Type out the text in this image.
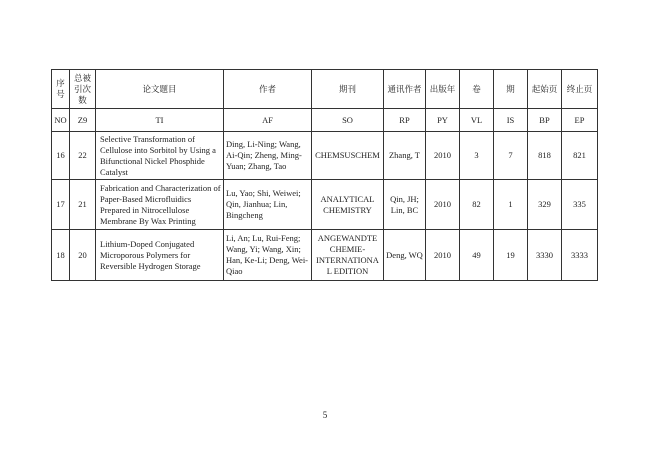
序号	总被引次数	论文题目	作者	期刊	通讯作者	出版年	卷	期	起始页	终止页
NO	Z9	TI	AF	SO	RP	PY	VL	IS	BP	EP
16	22	Selective Transformation of Cellulose into Sorbitol by Using a Bifunctional Nickel Phosphide Catalyst	Ding, Li-Ning; Wang, Ai-Qin; Zheng, Ming-Yuan; Zhang, Tao	CHEMSUSCHEM	Zhang, T	2010	3	7	818	821
17	21	Fabrication and Characterization of Paper-Based Microfluidics Prepared in Nitrocellulose Membrane By Wax Printing	Lu, Yao; Shi, Weiwei; Qin, Jianhua; Lin, Bingcheng	ANALYTICAL CHEMISTRY	Qin, JH; Lin, BC	2010	82	1	329	335
18	20	Lithium-Doped Conjugated Microporous Polymers for Reversible Hydrogen Storage	Li, An; Lu, Rui-Feng; Wang, Yi; Wang, Xin; Han, Ke-Li; Deng, Wei-Qiao	ANGEWANDTE CHEMIE-INTERNATIONAL EDITION	Deng, WQ	2010	49	19	3330	3333
5
